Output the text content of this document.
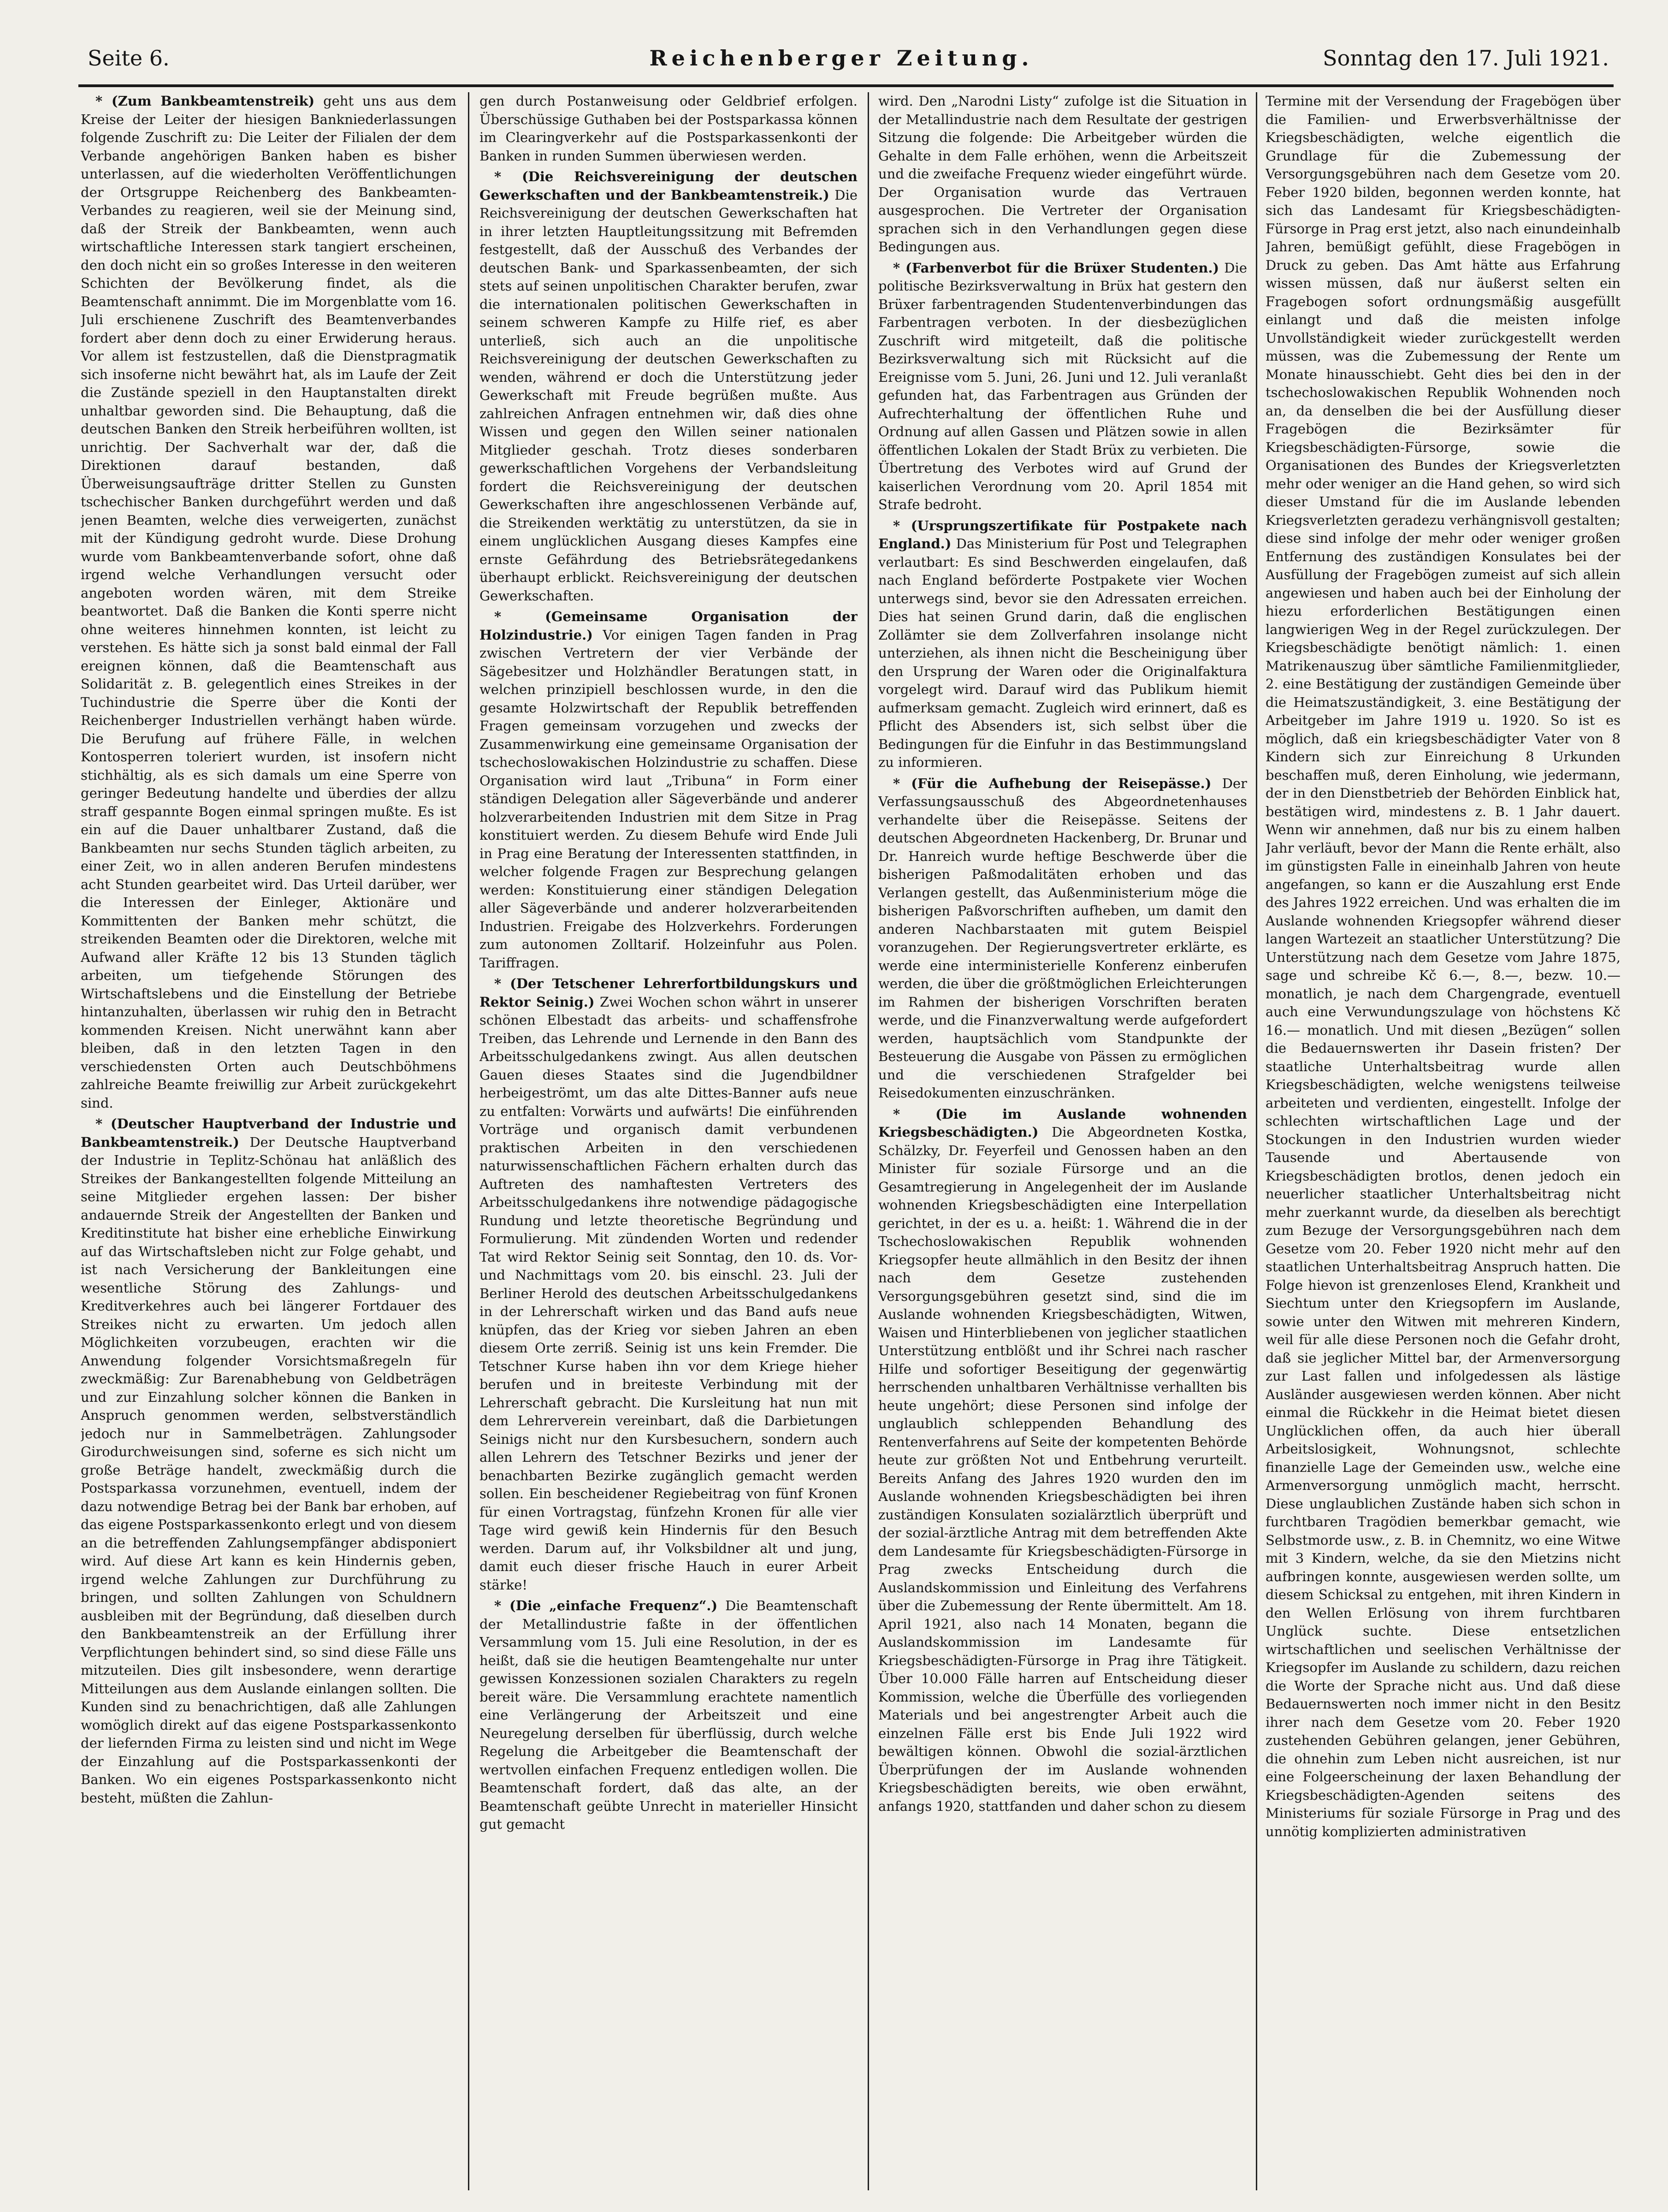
Seite 6.	Reichenberger Zeitung.	Sonntag den 17. Juli 1921.

* (Zum Bankbeamtenstreik) geht uns aus dem Kreise der Leiter der hiesigen Bankniederlassungen folgende Zuschrift zu: Die Leiter der Filialen der dem Verbande angehörigen Banken haben es bisher unterlassen, auf die wiederholten Veröffentlichungen der Ortsgruppe Reichenberg des Bankbeamten-Verbandes zu reagieren, weil sie der Meinung sind, daß der Streik der Bankbeamten, wenn auch wirtschaftliche Interessen stark tangiert erscheinen, den doch nicht ein so großes Interesse in den weiteren Schichten der Bevölkerung findet, als die Beamtenschaft annimmt. Die im Morgenblatte vom 16. Juli erschienene Zuschrift des Beamtenverbandes fordert aber denn doch zu einer Erwiderung heraus. Vor allem ist festzustellen, daß die Dienstpragmatik sich insoferne nicht bewährt hat, als im Laufe der Zeit die Zustände speziell in den Hauptanstalten direkt unhaltbar geworden sind. Die Behauptung, daß die deutschen Banken den Streik herbeiführen wollten, ist unrichtig. Der Sachverhalt war der, daß die Direktionen darauf bestanden, daß Überweisungsaufträge dritter Stellen zu Gunsten tschechischer Banken durchgeführt werden und daß jenen Beamten, welche dies verweigerten, zunächst mit der Kündigung gedroht wurde. Diese Drohung wurde vom Bankbeamtenverbande sofort, ohne daß irgend welche Verhandlungen versucht oder angeboten worden wären, mit dem Streike beantwortet. Daß die Banken die Konti sperre nicht ohne weiteres hinnehmen konnten, ist leicht zu verstehen. Es hätte sich ja sonst bald einmal der Fall ereignen können, daß die Beamtenschaft aus Solidarität z. B. gelegentlich eines Streikes in der Tuchindustrie die Sperre über die Konti der Reichenberger Industriellen verhängt haben würde. Die Berufung auf frühere Fälle, in welchen Kontosperren toleriert wurden, ist insofern nicht stichhältig, als es sich damals um eine Sperre von geringer Bedeutung handelte und überdies der allzu straff gespannte Bogen einmal springen mußte. Es ist ein auf die Dauer unhaltbarer Zustand, daß die Bankbeamten nur sechs Stunden täglich arbeiten, zu einer Zeit, wo in allen anderen Berufen mindestens acht Stunden gearbeitet wird. Das Urteil darüber, wer die Interessen der Einleger, Aktionäre und Kommittenten der Banken mehr schützt, die streikenden Beamten oder die Direktoren, welche mit Aufwand aller Kräfte 12 bis 13 Stunden täglich arbeiten, um tiefgehende Störungen des Wirtschaftslebens und die Einstellung der Betriebe hintanzuhalten, überlassen wir ruhig den in Betracht kommenden Kreisen. Nicht unerwähnt kann aber bleiben, daß in den letzten Tagen in den verschiedensten Orten auch Deutschböhmens zahlreiche Beamte freiwillig zur Arbeit zurückgekehrt sind.

* (Deutscher Hauptverband der Industrie und Bankbeamtenstreik.) Der Deutsche Hauptverband der Industrie in Teplitz-Schönau hat anläßlich des Streikes der Bankangestellten folgende Mitteilung an seine Mitglieder ergehen lassen: Der bisher andauernde Streik der Angestellten der Banken und Kreditinstitute hat bisher eine erhebliche Einwirkung auf das Wirtschaftsleben nicht zur Folge gehabt, und ist nach Versicherung der Bankleitungen eine wesentliche Störung des Zahlungs- und Kreditverkehres auch bei längerer Fortdauer des Streikes nicht zu erwarten. Um jedoch allen Möglichkeiten vorzubeugen, erachten wir die Anwendung folgender Vorsichtsmaßregeln für zweckmäßig: Zur Barenabhebung von Geldbeträgen und zur Einzahlung solcher können die Banken in Anspruch genommen werden, selbstverständlich jedoch nur in Sammelbeträgen. Zahlungsoder Girodurchweisungen sind, soferne es sich nicht um große Beträge handelt, zweckmäßig durch die Postsparkassa vorzunehmen, eventuell, indem der dazu notwendige Betrag bei der Bank bar erhoben, auf das eigene Postsparkassenkonto erlegt und von diesem an die betreffenden Zahlungsempfänger abdisponiert wird. Auf diese Art kann es kein Hindernis geben, irgend welche Zahlungen zur Durchführung zu bringen, und sollten Zahlungen von Schuldnern ausbleiben mit der Begründung, daß dieselben durch den Bankbeamtenstreik an der Erfüllung ihrer Verpflichtungen behindert sind, so sind diese Fälle uns mitzuteilen. Dies gilt insbesondere, wenn derartige Mitteilungen aus dem Auslande einlangen sollten. Die Kunden sind zu benachrichtigen, daß alle Zahlungen womöglich direkt auf das eigene Postsparkassenkonto der liefernden Firma zu leisten sind und nicht im Wege der Einzahlung auf die Postsparkassenkonti der Banken. Wo ein eigenes Postsparkassenkonto nicht besteht, müßten die Zahlun-

gen durch Postanweisung oder Geldbrief erfolgen. Überschüssige Guthaben bei der Postsparkassa können im Clearingverkehr auf die Postsparkassenkonti der Banken in runden Summen überwiesen werden.

* (Die Reichsvereinigung der deutschen Gewerkschaften und der Bankbeamtenstreik.) Die Reichsvereinigung der deutschen Gewerkschaften hat in ihrer letzten Hauptleitungssitzung mit Befremden festgestellt, daß der Ausschuß des Verbandes der deutschen Bank- und Sparkassenbeamten, der sich stets auf seinen unpolitischen Charakter berufen, zwar die internationalen politischen Gewerkschaften in seinem schweren Kampfe zu Hilfe rief, es aber unterließ, sich auch an die unpolitische Reichsvereinigung der deutschen Gewerkschaften zu wenden, während er doch die Unterstützung jeder Gewerkschaft mit Freude begrüßen mußte. Aus zahlreichen Anfragen entnehmen wir, daß dies ohne Wissen und gegen den Willen seiner nationalen Mitglieder geschah. Trotz dieses sonderbaren gewerkschaftlichen Vorgehens der Verbandsleitung fordert die Reichsvereinigung der deutschen Gewerkschaften ihre angeschlossenen Verbände auf, die Streikenden werktätig zu unterstützen, da sie in einem unglücklichen Ausgang dieses Kampfes eine ernste Gefährdung des Betriebsrätegedankens überhaupt erblickt. Reichsvereinigung der deutschen Gewerkschaften.

* (Gemeinsame Organisation der Holzindustrie.) Vor einigen Tagen fanden in Prag zwischen Vertretern der vier Verbände der Sägebesitzer und Holzhändler Beratungen statt, in welchen prinzipiell beschlossen wurde, in den die gesamte Holzwirtschaft der Republik betreffenden Fragen gemeinsam vorzugehen und zwecks der Zusammenwirkung eine gemeinsame Organisation der tschechoslowakischen Holzindustrie zu schaffen. Diese Organisation wird laut „Tribuna“ in Form einer ständigen Delegation aller Sägeverbände und anderer holzverarbeitenden Industrien mit dem Sitze in Prag konstituiert werden. Zu diesem Behufe wird Ende Juli in Prag eine Beratung der Interessenten stattfinden, in welcher folgende Fragen zur Besprechung gelangen werden: Konstituierung einer ständigen Delegation aller Sägeverbände und anderer holzverarbeitenden Industrien. Freigabe des Holzverkehrs. Forderungen zum autonomen Zolltarif. Holzeinfuhr aus Polen. Tariffragen.

* (Der Tetschener Lehrerfortbildungskurs und Rektor Seinig.) Zwei Wochen schon währt in unserer schönen Elbestadt das arbeits- und schaffensfrohe Treiben, das Lehrende und Lernende in den Bann des Arbeitsschulgedankens zwingt. Aus allen deutschen Gauen dieses Staates sind die Jugendbildner herbeigeströmt, um das alte Dittes-Banner aufs neue zu entfalten: Vorwärts und aufwärts! Die einführenden Vorträge und organisch damit verbundenen praktischen Arbeiten in den verschiedenen naturwissenschaftlichen Fächern erhalten durch das Auftreten des namhaftesten Vertreters des Arbeitsschulgedankens ihre notwendige pädagogische Rundung und letzte theoretische Begründung und Formulierung. Mit zündenden Worten und redender Tat wird Rektor Seinig seit Sonntag, den 10. ds. Vor- und Nachmittags vom 20. bis einschl. 23. Juli der Berliner Herold des deutschen Arbeitsschulgedankens in der Lehrerschaft wirken und das Band aufs neue knüpfen, das der Krieg vor sieben Jahren an eben diesem Orte zerriß. Seinig ist uns kein Fremder. Die Tetschner Kurse haben ihn vor dem Kriege hieher berufen und in breiteste Verbindung mit der Lehrerschaft gebracht. Die Kursleitung hat nun mit dem Lehrerverein vereinbart, daß die Darbietungen Seinigs nicht nur den Kursbesuchern, sondern auch allen Lehrern des Tetschner Bezirks und jener der benachbarten Bezirke zugänglich gemacht werden sollen. Ein bescheidener Regiebeitrag von fünf Kronen für einen Vortragstag, fünfzehn Kronen für alle vier Tage wird gewiß kein Hindernis für den Besuch werden. Darum auf, ihr Volksbildner alt und jung, damit euch dieser frische Hauch in eurer Arbeit stärke!

* (Die „einfache Frequenz“.) Die Beamtenschaft der Metallindustrie faßte in der öffentlichen Versammlung vom 15. Juli eine Resolution, in der es heißt, daß sie die heutigen Beamtengehalte nur unter gewissen Konzessionen sozialen Charakters zu regeln bereit wäre. Die Versammlung erachtete namentlich eine Verlängerung der Arbeitszeit und eine Neuregelung derselben für überflüssig, durch welche Regelung die Arbeitgeber die Beamtenschaft der wertvollen einfachen Frequenz entledigen wollen. Die Beamtenschaft fordert, daß das alte, an der Beamtenschaft geübte Unrecht in materieller Hinsicht gut gemacht

wird. Den „Narodni Listy“ zufolge ist die Situation in der Metallindustrie nach dem Resultate der gestrigen Sitzung die folgende: Die Arbeitgeber würden die Gehalte in dem Falle erhöhen, wenn die Arbeitszeit und die zweifache Frequenz wieder eingeführt würde. Der Organisation wurde das Vertrauen ausgesprochen. Die Vertreter der Organisation sprachen sich in den Verhandlungen gegen diese Bedingungen aus.

* (Farbenverbot für die Brüxer Studenten.) Die politische Bezirksverwaltung in Brüx hat gestern den Brüxer farbentragenden Studentenverbindungen das Farbentragen verboten. In der diesbezüglichen Zuschrift wird mitgeteilt, daß die politische Bezirksverwaltung sich mit Rücksicht auf die Ereignisse vom 5. Juni, 26. Juni und 12. Juli veranlaßt gefunden hat, das Farbentragen aus Gründen der Aufrechterhaltung der öffentlichen Ruhe und Ordnung auf allen Gassen und Plätzen sowie in allen öffentlichen Lokalen der Stadt Brüx zu verbieten. Die Übertretung des Verbotes wird auf Grund der kaiserlichen Verordnung vom 20. April 1854 mit Strafe bedroht.

* (Ursprungszertifikate für Postpakete nach England.) Das Ministerium für Post und Telegraphen verlautbart: Es sind Beschwerden eingelaufen, daß nach England beförderte Postpakete vier Wochen unterwegs sind, bevor sie den Adressaten erreichen. Dies hat seinen Grund darin, daß die englischen Zollämter sie dem Zollverfahren insolange nicht unterziehen, als ihnen nicht die Bescheinigung über den Ursprung der Waren oder die Originalfaktura vorgelegt wird. Darauf wird das Publikum hiemit aufmerksam gemacht. Zugleich wird erinnert, daß es Pflicht des Absenders ist, sich selbst über die Bedingungen für die Einfuhr in das Bestimmungsland zu informieren.

* (Für die Aufhebung der Reisepässe.) Der Verfassungsausschuß des Abgeordnetenhauses verhandelte über die Reisepässe. Seitens der deutschen Abgeordneten Hackenberg, Dr. Brunar und Dr. Hanreich wurde heftige Beschwerde über die bisherigen Paßmodalitäten erhoben und das Verlangen gestellt, das Außenministerium möge die bisherigen Paßvorschriften aufheben, um damit den anderen Nachbarstaaten mit gutem Beispiel voranzugehen. Der Regierungsvertreter erklärte, es werde eine interministerielle Konferenz einberufen werden, die über die größtmöglichen Erleichterungen im Rahmen der bisherigen Vorschriften beraten werde, und die Finanzverwaltung werde aufgefordert werden, hauptsächlich vom Standpunkte der Besteuerung die Ausgabe von Pässen zu ermöglichen und die verschiedenen Strafgelder bei Reisedokumenten einzuschränken.

* (Die im Auslande wohnenden Kriegsbeschädigten.) Die Abgeordneten Kostka, Schälzky, Dr. Feyerfeil und Genossen haben an den Minister für soziale Fürsorge und an die Gesamtregierung in Angelegenheit der im Auslande wohnenden Kriegsbeschädigten eine Interpellation gerichtet, in der es u. a. heißt: 1. Während die in der Tschechoslowakischen Republik wohnenden Kriegsopfer heute allmählich in den Besitz der ihnen nach dem Gesetze zustehenden Versorgungsgebühren gesetzt sind, sind die im Auslande wohnenden Kriegsbeschädigten, Witwen, Waisen und Hinterbliebenen von jeglicher staatlichen Unterstützung entblößt und ihr Schrei nach rascher Hilfe und sofortiger Beseitigung der gegenwärtig herrschenden unhaltbaren Verhältnisse verhallten bis heute ungehört; diese Personen sind infolge der unglaublich schleppenden Behandlung des Rentenverfahrens auf Seite der kompetenten Behörde heute zur größten Not und Entbehrung verurteilt. Bereits Anfang des Jahres 1920 wurden den im Auslande wohnenden Kriegsbeschädigten bei ihren zuständigen Konsulaten sozialärztlich überprüft und der sozial-ärztliche Antrag mit dem betreffenden Akte dem Landesamte für Kriegsbeschädigten-Fürsorge in Prag zwecks Entscheidung durch die Auslandskommission und Einleitung des Verfahrens über die Zubemessung der Rente übermittelt. Am 18. April 1921, also nach 14 Monaten, begann die Auslandskommission im Landesamte für Kriegsbeschädigten-Fürsorge in Prag ihre Tätigkeit. Über 10.000 Fälle harren auf Entscheidung dieser Kommission, welche die Überfülle des vorliegenden Materials und bei angestrengter Arbeit auch die einzelnen Fälle erst bis Ende Juli 1922 wird bewältigen können. Obwohl die sozial-ärztlichen Überprüfungen der im Auslande wohnenden Kriegsbeschädigten bereits, wie oben erwähnt, anfangs 1920, stattfanden und daher schon zu diesem

Termine mit der Versendung der Fragebögen über die Familien- und Erwerbsverhältnisse der Kriegsbeschädigten, welche eigentlich die Grundlage für die Zubemessung der Versorgungsgebühren nach dem Gesetze vom 20. Feber 1920 bilden, begonnen werden konnte, hat sich das Landesamt für Kriegsbeschädigten-Fürsorge in Prag erst jetzt, also nach einundeinhalb Jahren, bemüßigt gefühlt, diese Fragebögen in Druck zu geben. Das Amt hätte aus Erfahrung wissen müssen, daß nur äußerst selten ein Fragebogen sofort ordnungsmäßig ausgefüllt einlangt und daß die meisten infolge Unvollständigkeit wieder zurückgestellt werden müssen, was die Zubemessung der Rente um Monate hinausschiebt. Geht dies bei den in der tschechoslowakischen Republik Wohnenden noch an, da denselben die bei der Ausfüllung dieser Fragebögen die Bezirksämter für Kriegsbeschädigten-Fürsorge, sowie die Organisationen des Bundes der Kriegsverletzten mehr oder weniger an die Hand gehen, so wird sich dieser Umstand für die im Auslande lebenden Kriegsverletzten geradezu verhängnisvoll gestalten; diese sind infolge der mehr oder weniger großen Entfernung des zuständigen Konsulates bei der Ausfüllung der Fragebögen zumeist auf sich allein angewiesen und haben auch bei der Einholung der hiezu erforderlichen Bestätigungen einen langwierigen Weg in der Regel zurückzulegen. Der Kriegsbeschädigte benötigt nämlich: 1. einen Matrikenauszug über sämtliche Familienmitglieder, 2. eine Bestätigung der zuständigen Gemeinde über die Heimatszuständigkeit, 3. eine Bestätigung der Arbeitgeber im Jahre 1919 u. 1920. So ist es möglich, daß ein kriegsbeschädigter Vater von 8 Kindern sich zur Einreichung 8 Urkunden beschaffen muß, deren Einholung, wie jedermann, der in den Dienstbetrieb der Behörden Einblick hat, bestätigen wird, mindestens z. B. 1 Jahr dauert. Wenn wir annehmen, daß nur bis zu einem halben Jahr verläuft, bevor der Mann die Rente erhält, also im günstigsten Falle in eineinhalb Jahren von heute angefangen, so kann er die Auszahlung erst Ende des Jahres 1922 erreichen. Und was erhalten die im Auslande wohnenden Kriegsopfer während dieser langen Wartezeit an staatlicher Unterstützung? Die Unterstützung nach dem Gesetze vom Jahre 1875, sage und schreibe Kč 6.—, 8.—, bezw. 10.— monatlich, je nach dem Chargengrade, eventuell auch eine Verwundungszulage von höchstens Kč 16.— monatlich. Und mit diesen „Bezügen“ sollen die Bedauernswerten ihr Dasein fristen? Der staatliche Unterhaltsbeitrag wurde allen Kriegsbeschädigten, welche wenigstens teilweise arbeiteten und verdienten, eingestellt. Infolge der schlechten wirtschaftlichen Lage und der Stockungen in den Industrien wurden wieder Tausende und Abertausende von Kriegsbeschädigten brotlos, denen jedoch ein neuerlicher staatlicher Unterhaltsbeitrag nicht mehr zuerkannt wurde, da dieselben als berechtigt zum Bezuge der Versorgungsgebühren nach dem Gesetze vom 20. Feber 1920 nicht mehr auf den staatlichen Unterhaltsbeitrag Anspruch hatten. Die Folge hievon ist grenzenloses Elend, Krankheit und Siechtum unter den Kriegsopfern im Auslande, sowie unter den Witwen mit mehreren Kindern, weil für alle diese Personen noch die Gefahr droht, daß sie jeglicher Mittel bar, der Armenversorgung zur Last fallen und infolgedessen als lästige Ausländer ausgewiesen werden können. Aber nicht einmal die Rückkehr in die Heimat bietet diesen Unglücklichen offen, da auch hier überall Arbeitslosigkeit, Wohnungsnot, schlechte finanzielle Lage der Gemeinden usw., welche eine Armenversorgung unmöglich macht, herrscht. Diese unglaublichen Zustände haben sich schon in furchtbaren Tragödien bemerkbar gemacht, wie Selbstmorde usw., z. B. in Chemnitz, wo eine Witwe mit 3 Kindern, welche, da sie den Mietzins nicht aufbringen konnte, ausgewiesen werden sollte, um diesem Schicksal zu entgehen, mit ihren Kindern in den Wellen Erlösung von ihrem furchtbaren Unglück suchte. Diese entsetzlichen wirtschaftlichen und seelischen Verhältnisse der Kriegsopfer im Auslande zu schildern, dazu reichen die Worte der Sprache nicht aus. Und daß diese Bedauernswerten noch immer nicht in den Besitz ihrer nach dem Gesetze vom 20. Feber 1920 zustehenden Gebühren gelangen, jener Gebühren, die ohnehin zum Leben nicht ausreichen, ist nur eine Folgeerscheinung der laxen Behandlung der Kriegsbeschädigten-Agenden seitens des Ministeriums für soziale Fürsorge in Prag und des unnötig komplizierten administrativen
